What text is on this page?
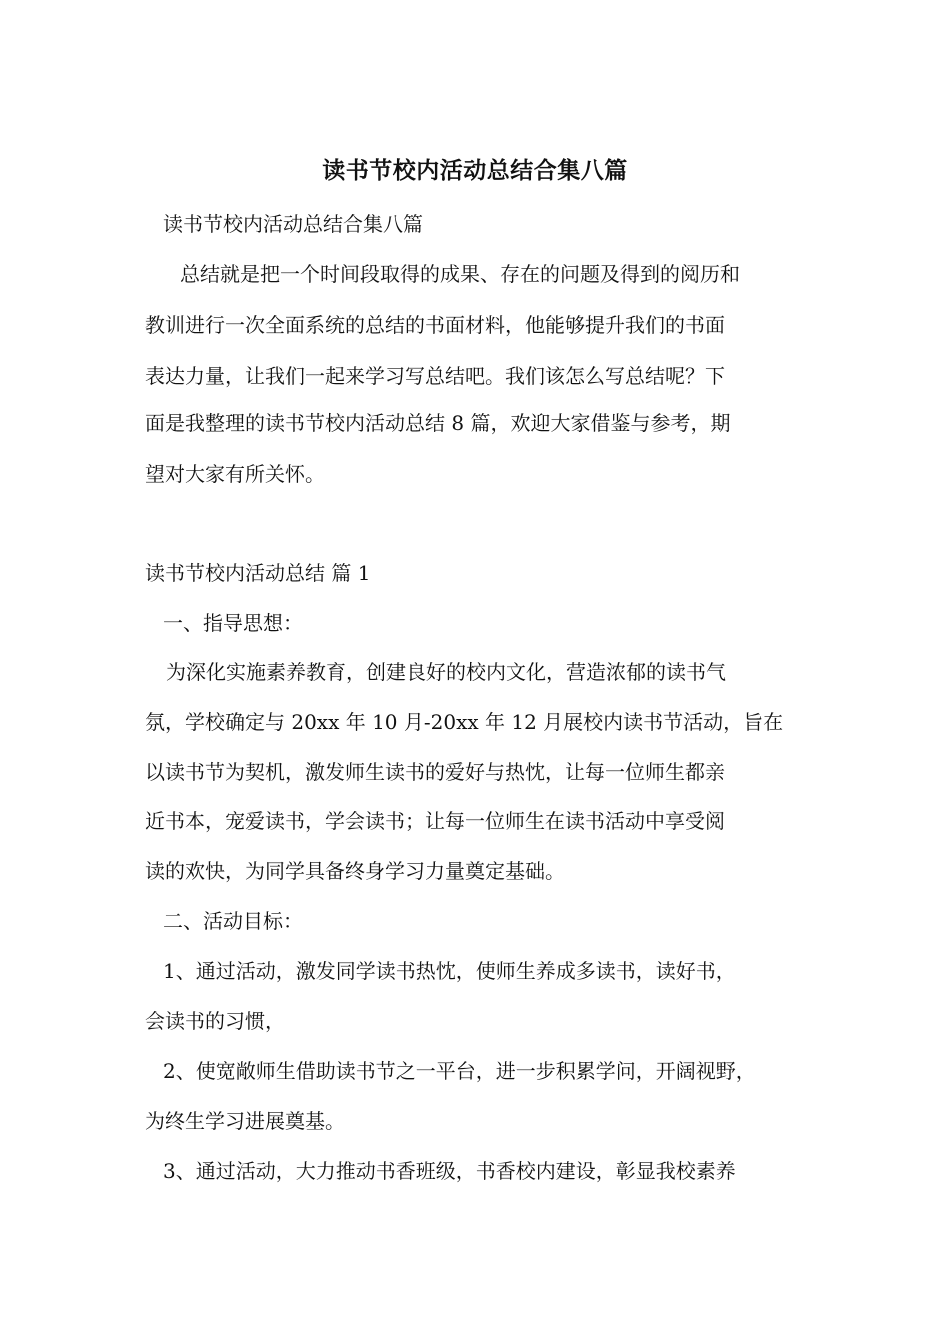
读书节校内活动总结合集八篇
读书节校内活动总结合集八篇
总结就是把一个时间段取得的成果、存在的问题及得到的阅历和
教训进行一次全面系统的总结的书面材料，他能够提升我们的书面
表达力量，让我们一起来学习写总结吧。我们该怎么写总结呢？下
面是我整理的读书节校内活动总结 8 篇，欢迎大家借鉴与参考，期
望对大家有所关怀。
读书节校内活动总结 篇 1
一、指导思想：
为深化实施素养教育，创建良好的校内文化，营造浓郁的读书气
氛，学校确定与 20xx 年 10 月-20xx 年 12 月展校内读书节活动，旨在
以读书节为契机，激发师生读书的爱好与热忱，让每一位师生都亲
近书本，宠爱读书，学会读书；让每一位师生在读书活动中享受阅
读的欢快，为同学具备终身学习力量奠定基础。
二、活动目标：
1、通过活动，激发同学读书热忱，使师生养成多读书，读好书，
会读书的习惯，
2、使宽敞师生借助读书节之一平台，进一步积累学问，开阔视野，
为终生学习进展奠基。
3、通过活动，大力推动书香班级，书香校内建设，彰显我校素养
